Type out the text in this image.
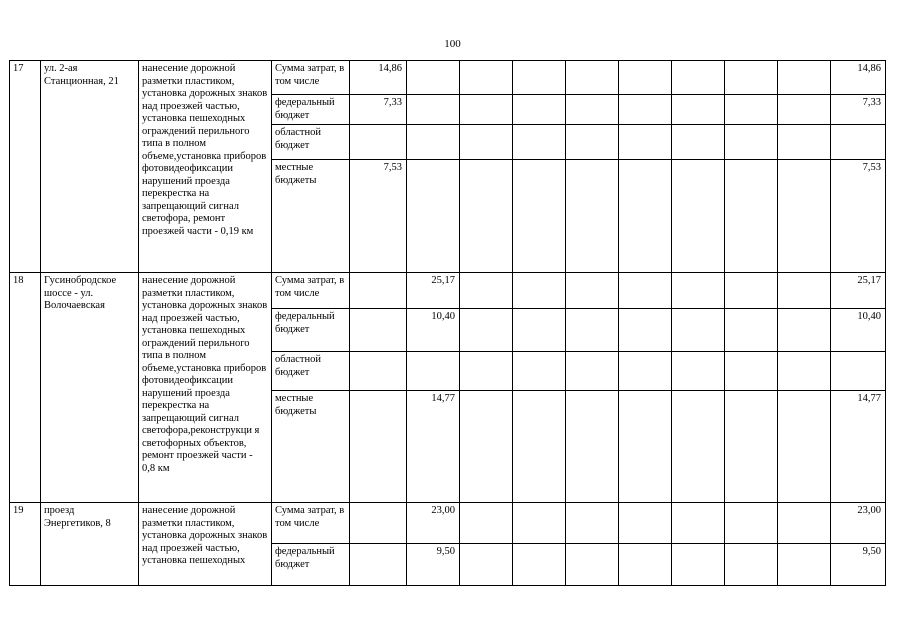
100
17	ул. 2-ая Станционная, 21	нанесение дорожной разметки пластиком, установка дорожных знаков над проезжей частью, установка пешеходных ограждений перильного типа в полном объеме,установка приборов фотовидеофиксации нарушений проезда перекрестка на запрещающий сигнал светофора, ремонт проезжей части - 0,19 км	Сумма затрат, в том числе	14,86									14,86
			федеральный бюджет	7,33									7,33
			областной бюджет										
			местные бюджеты	7,53									7,53
18	Гусинобродское шоссе - ул. Волочаевская	нанесение дорожной разметки пластиком, установка дорожных знаков над проезжей частью, установка пешеходных ограждений перильного типа в полном объеме,установка приборов фотовидеофиксации нарушений проезда перекрестка на запрещающий сигнал светофора,реконструкци я светофорных объектов, ремонт проезжей части - 0,8 км	Сумма затрат, в том числе		25,17								25,17
			федеральный бюджет		10,40								10,40
			областной бюджет										
			местные бюджеты		14,77								14,77
19	проезд Энергетиков, 8	нанесение дорожной разметки пластиком, установка дорожных знаков над проезжей частью, установка пешеходных	Сумма затрат, в том числе		23,00								23,00
			федеральный бюджет		9,50								9,50
